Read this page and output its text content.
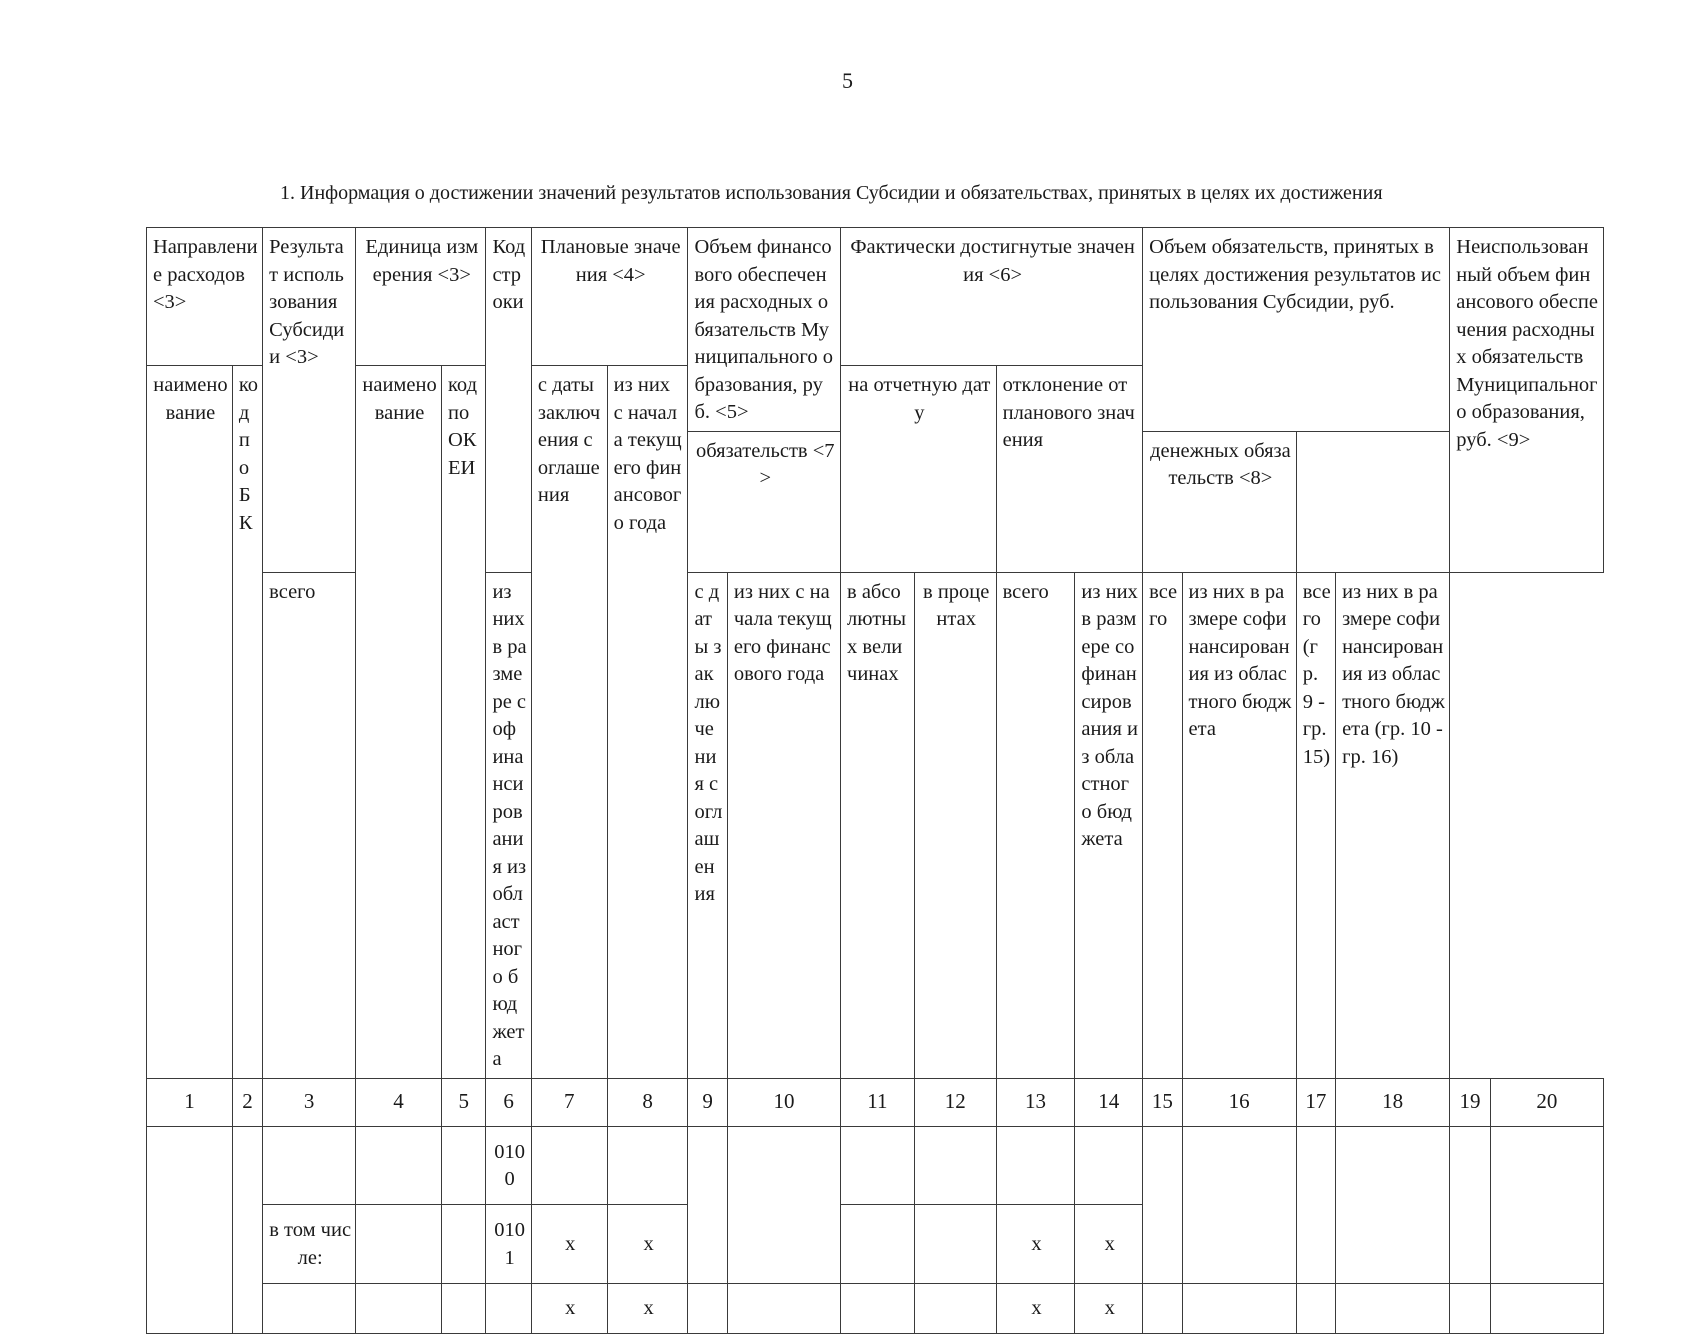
5
1. Информация о достижении значений результатов использования Субсидии и обязательствах, принятых в целях их достижения
Направление расходов <3>		Результат использования Субсидии <3>	Единица измерения <3>		Код строки	Плановые значения <4>		Объем финансового обеспечения расходных обязательств Муниципального образования, руб. <5>		Фактически достигнутые значения <6>				Объем обязательств, принятых в целях достижения результатов использования Субсидии, руб.				Неиспользованный объем финансового обеспечения расходных обязательств Муниципального образования, руб. <9>	
наименование	код по БК		наименование	код по ОКЕИ		с даты заключения соглашения	из них с начала текущего финансового года			на отчетную дату		отклонение от планового значения							
								обязательств <7>						денежных обязательств <8>					
		всего			из них в размере софинансирования из областного бюджета			с даты заключения соглашения	из них с начала текущего финансового года	в абсолютных величинах	в процентах	всего	из них в размере софинансирования из областного бюджета	всего	из них в размере софинансирования из областного бюджета	всего (гр. 9 - гр. 15)	из них в размере софинансирования из областного бюджета (гр. 10 - гр. 16)		
1	2	3	4	5	6	7	8	9	10	11	12	13	14	15	16	17	18	19	20
					0100														
		в том числе:			0101	x	x					x	x						
						x	x					x	x						
